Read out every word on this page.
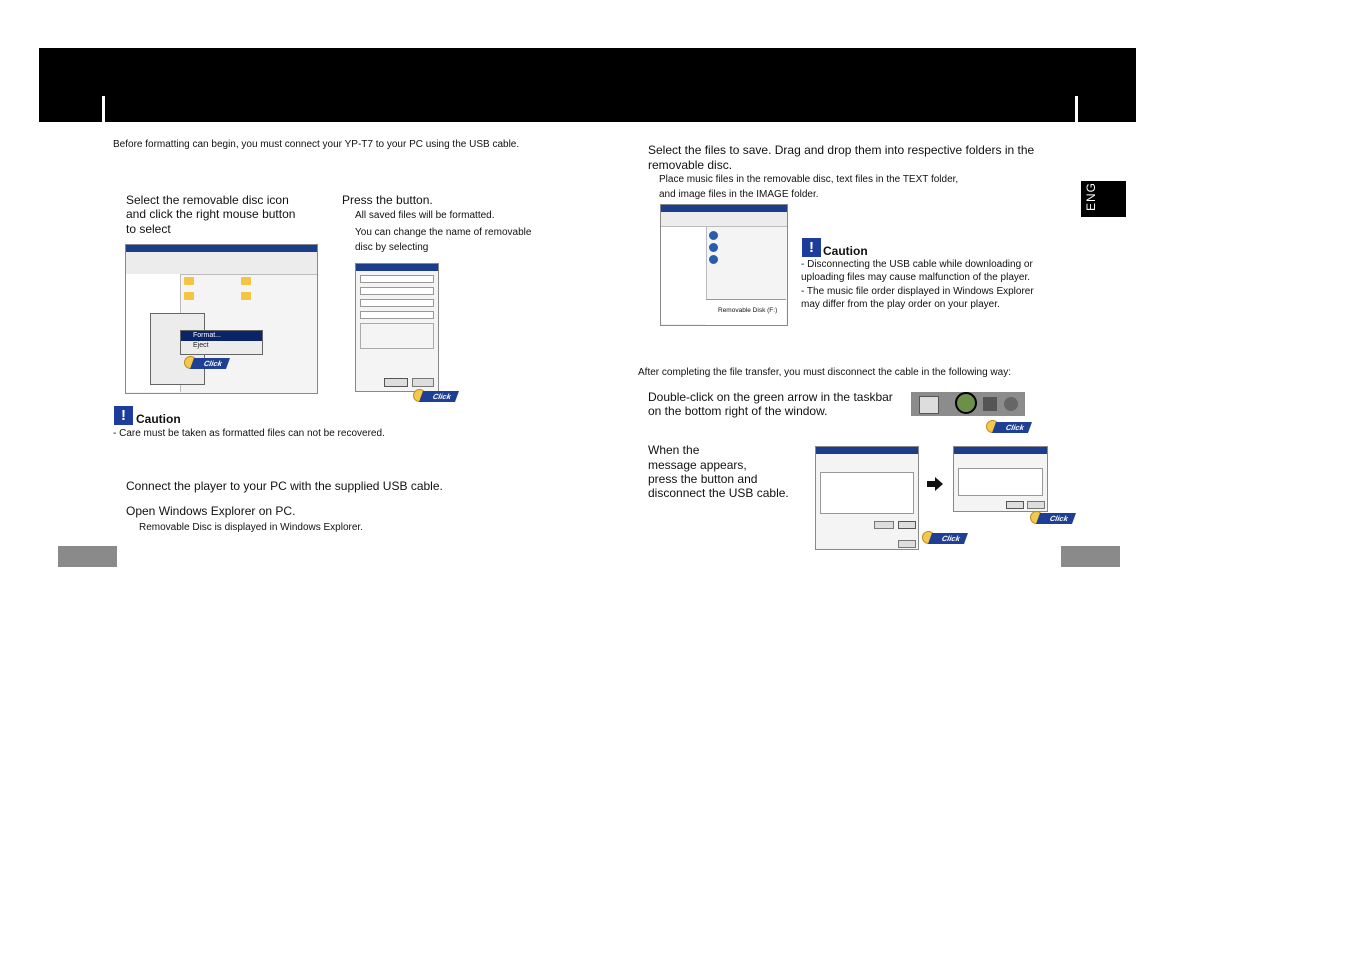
ENG
Before formatting can begin, you must connect your YP-T7 to your PC using the USB cable.
Select the removable disc icon
and click the right mouse button
to select
Press the button.
All saved files will be formatted.
You can change the name of removable
disc by selecting
Format...
Eject
Click
Click
! Caution
- Care must be taken as formatted files can not be recovered.
Connect the player to your PC with the supplied USB cable.
Open Windows Explorer on PC.
Removable Disc is displayed in Windows Explorer.
Select the files to save. Drag and drop them into respective folders in the
removable disc.
Place music files in the removable disc, text files in the TEXT folder,
and image files in the IMAGE folder.
Removable Disk (F:)
! Caution
- Disconnecting the USB cable while downloading or
uploading files may cause malfunction of the player.
- The music file order displayed in Windows Explorer
may differ from the play order on your player.
After completing the file transfer, you must disconnect the cable in the following way:
Double-click on the green arrow in the taskbar
on the bottom right of the window.
Click
When the
message appears,
press the button and
disconnect the USB cable.
Click
Click
